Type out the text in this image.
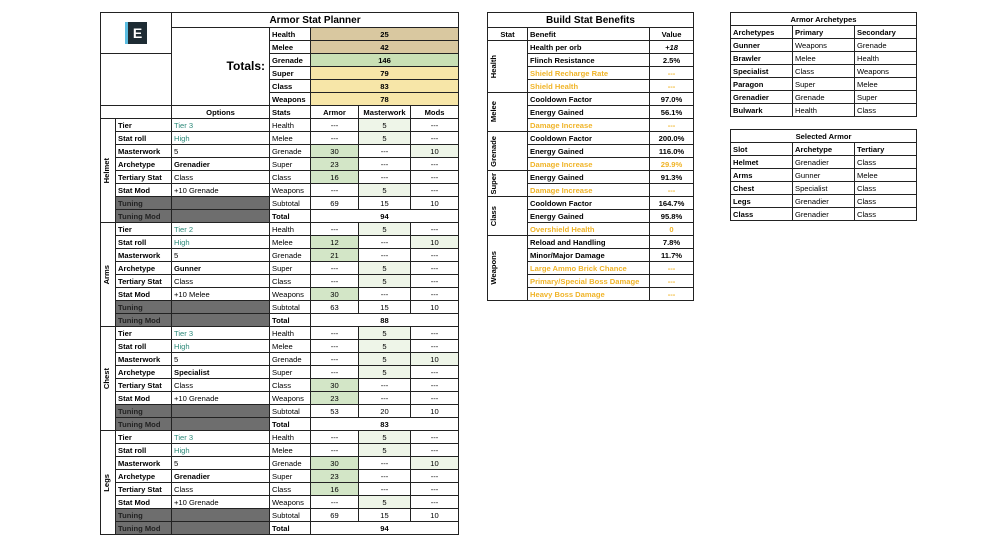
E		Armor Stat Planner				
		Totals:	Health	25		
			Melee	42		
			Grenade	146		
			Super	79		
			Class	83		
			Weapons	78		
		Options	Stats	Armor	Masterwork	Mods

Helmet	Tier	Tier 3	Health	---	5	---
	Stat roll	High	Melee	---	5	---
	Masterwork	5	Grenade	30	---	10
	Archetype	Grenadier	Super	23	---	---
	Tertiary Stat	Class	Class	16	---	---
	Stat Mod	+10 Grenade	Weapons	---	5	---
	Tuning		Subtotal	69	15	10
	Tuning Mod		Total	94		

Arms	Tier	Tier 2	Health	---	5	---
	Stat roll	High	Melee	12	---	10
	Masterwork	5	Grenade	21	---	---
	Archetype	Gunner	Super	---	5	---
	Tertiary Stat	Class	Class	---	5	---
	Stat Mod	+10 Melee	Weapons	30	---	---
	Tuning		Subtotal	63	15	10
	Tuning Mod		Total	88		

Chest	Tier	Tier 3	Health	---	5	---
	Stat roll	High	Melee	---	5	---
	Masterwork	5	Grenade	---	5	10
	Archetype	Specialist	Super	---	5	---
	Tertiary Stat	Class	Class	30	---	---
	Stat Mod	+10 Grenade	Weapons	23	---	---
	Tuning		Subtotal	53	20	10
	Tuning Mod		Total	83		

Legs	Tier	Tier 3	Health	---	5	---
	Stat roll	High	Melee	---	5	---
	Masterwork	5	Grenade	30	---	10
	Archetype	Grenadier	Super	23	---	---
	Tertiary Stat	Class	Class	16	---	---
	Stat Mod	+10 Grenade	Weapons	---	5	---
	Tuning		Subtotal	69	15	10
	Tuning Mod		Total	94		
Build Stat Benefits		
Stat	Benefit	Value

Health	Health per orb	+18
	Flinch Resistance	2.5%
	Shield Recharge Rate	---
	Shield Health	---

Melee	Cooldown Factor	97.0%
	Energy Gained	56.1%
	Damage Increase	---

Grenade	Cooldown Factor	200.0%
	Energy Gained	116.0%
	Damage Increase	29.9%

Super	Energy Gained	91.3%
	Damage Increase	---

Class	Cooldown Factor	164.7%
	Energy Gained	95.8%
	Overshield Health	0

Weapons	Reload and Handling	7.8%
	Minor/Major Damage	11.7%
	Large Ammo Brick Chance	---
	Primary/Special Boss Damage	---
	Heavy Boss Damage	---
Armor Archetypes		
Archetypes	Primary	Secondary
Gunner	Weapons	Grenade
Brawler	Melee	Health
Specialist	Class	Weapons
Paragon	Super	Melee
Grenadier	Grenade	Super
Bulwark	Health	Class
Selected Armor		
Slot	Archetype	Tertiary
Helmet	Grenadier	Class
Arms	Gunner	Melee
Chest	Specialist	Class
Legs	Grenadier	Class
Class	Grenadier	Class
